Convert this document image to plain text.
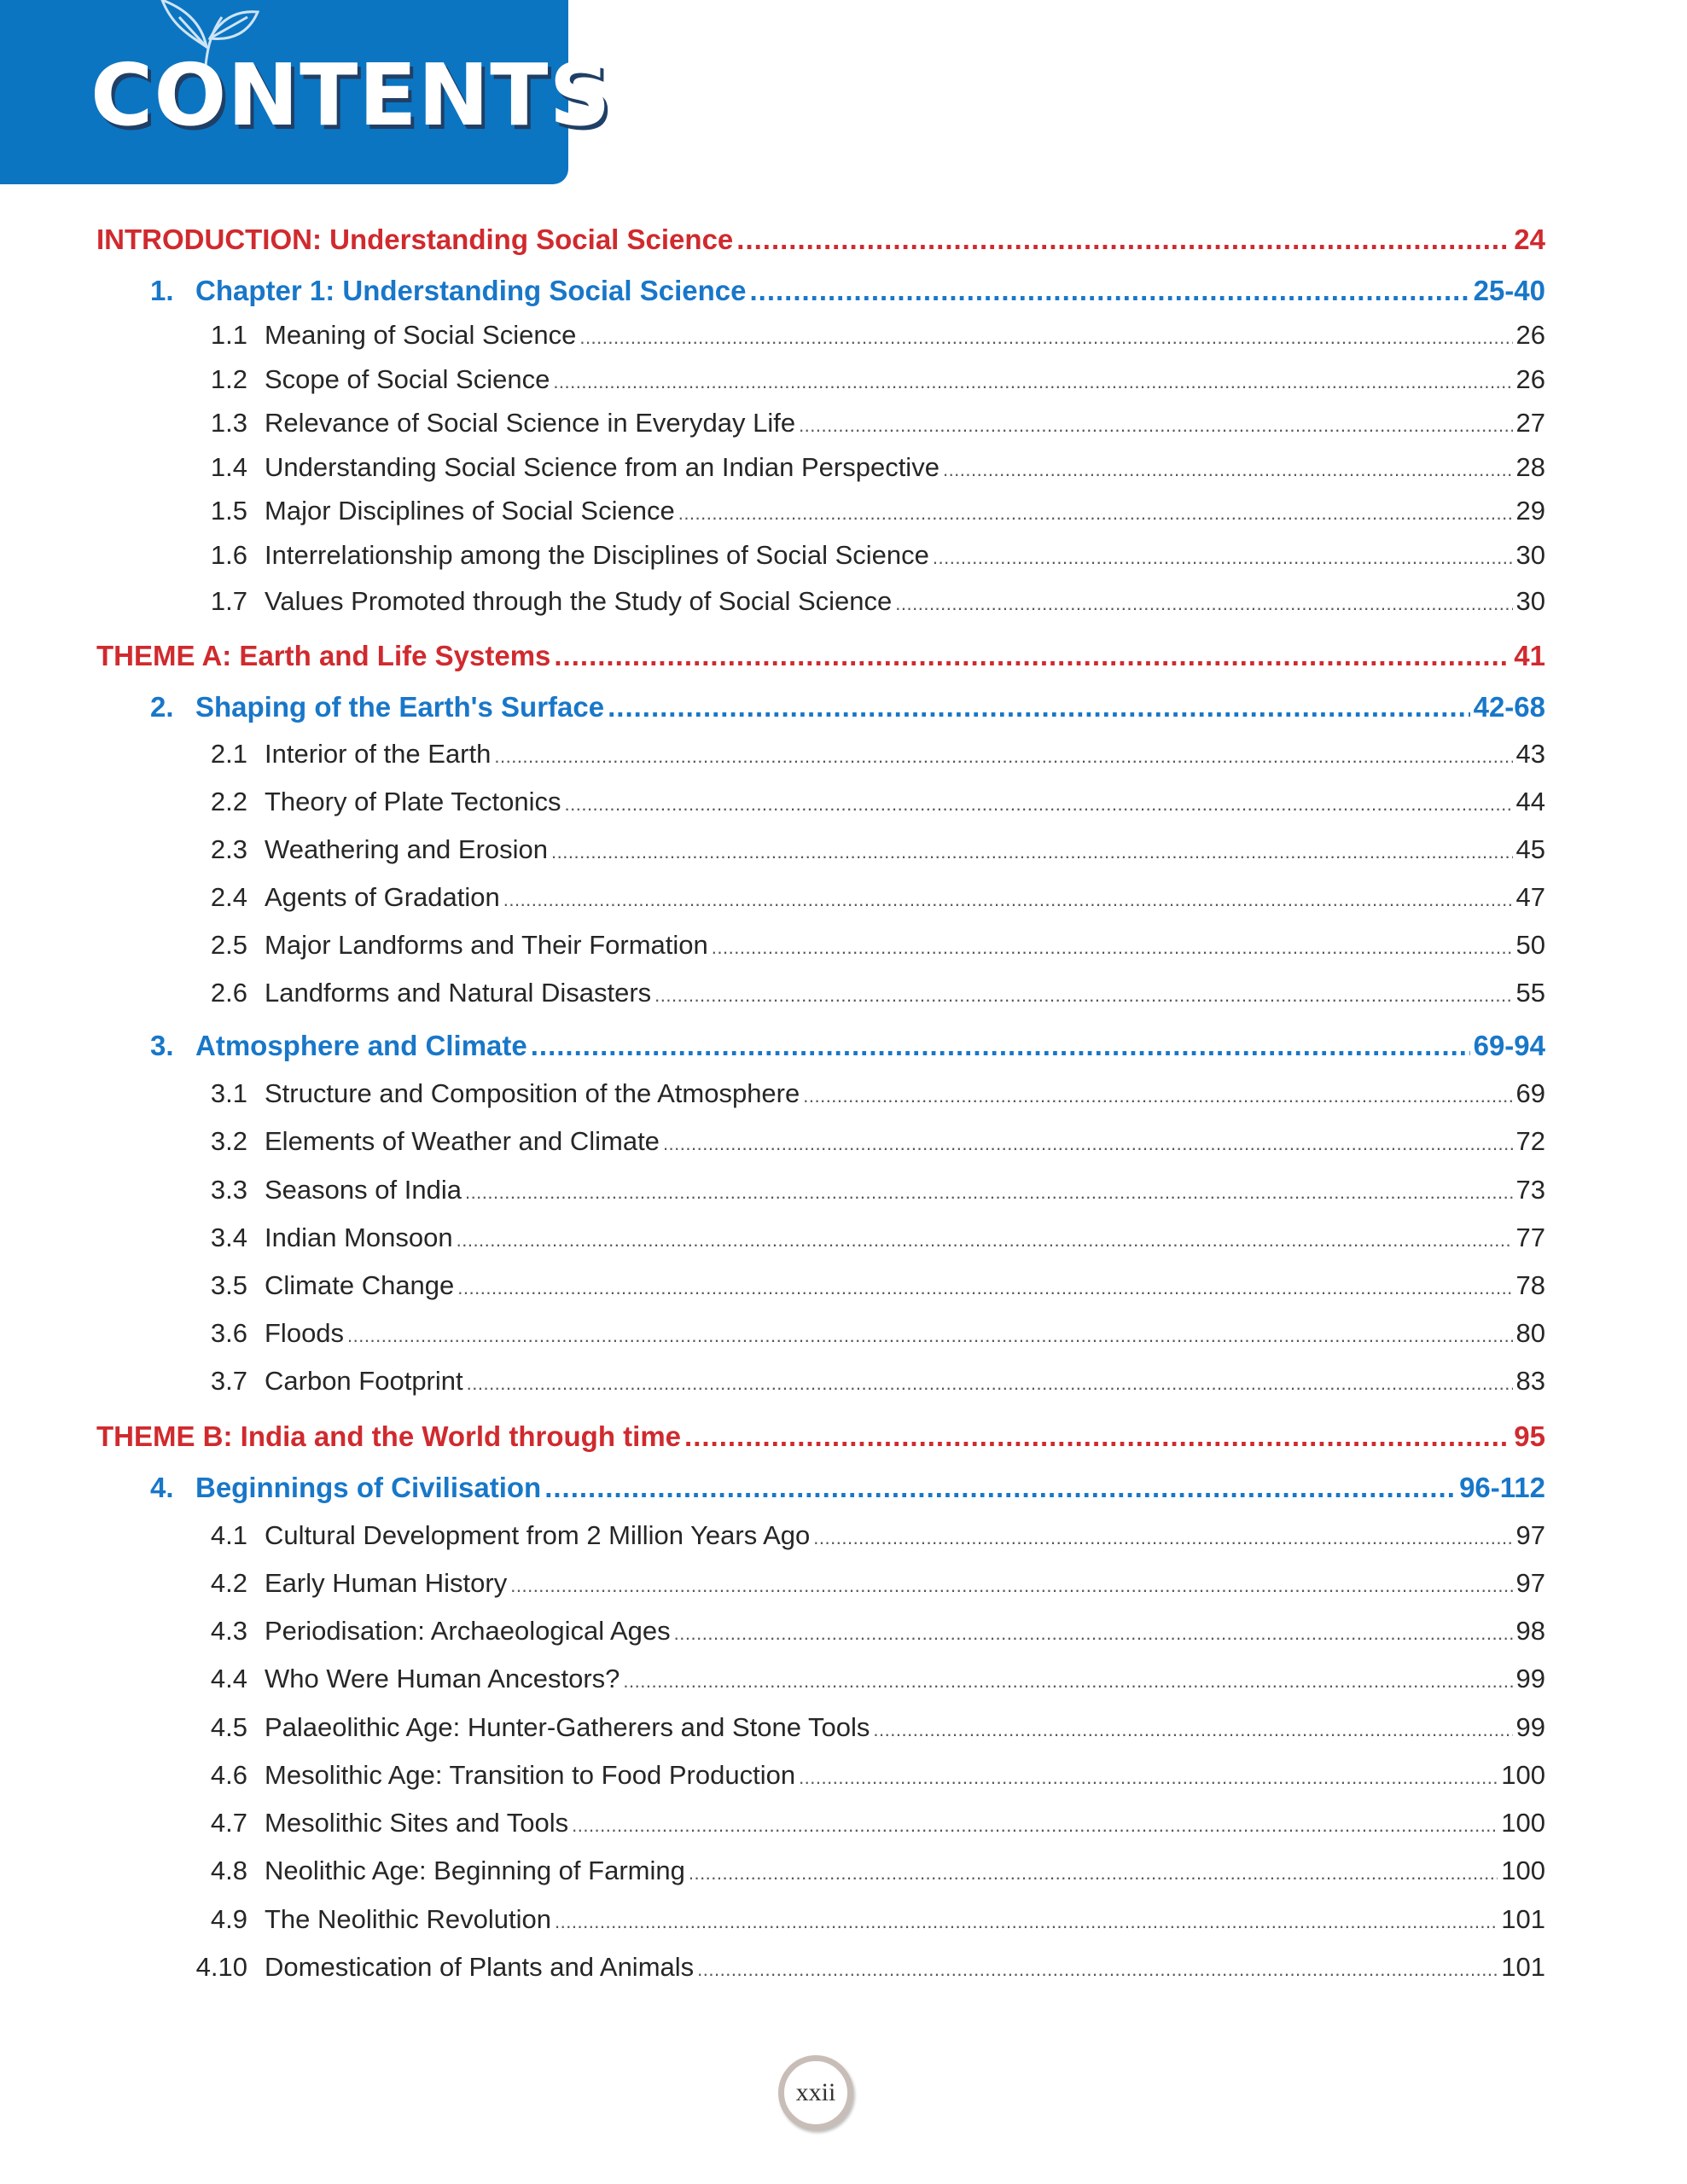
CONTENTS
INTRODUCTION: Understanding Social Science .....	24
1. Chapter 1: Understanding Social Science .....	25-40
1.1 Meaning of Social Science .....	26
1.2 Scope of Social Science .....	26
1.3 Relevance of Social Science in Everyday Life .....	27
1.4 Understanding Social Science from an Indian Perspective .....	28
1.5 Major Disciplines of Social Science .....	29
1.6 Interrelationship among the Disciplines of Social Science .....	30
1.7 Values Promoted through the Study of Social Science .....	30
THEME A: Earth and Life Systems .....	41
2. Shaping of the Earth's Surface .....	42-68
2.1 Interior of the Earth .....	43
2.2 Theory of Plate Tectonics .....	44
2.3 Weathering and Erosion .....	45
2.4 Agents of Gradation .....	47
2.5 Major Landforms and Their Formation .....	50
2.6 Landforms and Natural Disasters .....	55
3. Atmosphere and Climate .....	69-94
3.1 Structure and Composition of the Atmosphere .....	69
3.2 Elements of Weather and Climate .....	72
3.3 Seasons of India .....	73
3.4 Indian Monsoon .....	77
3.5 Climate Change .....	78
3.6 Floods .....	80
3.7 Carbon Footprint .....	83
THEME B: India and the World through time .....	95
4. Beginnings of Civilisation .....	96-112
4.1 Cultural Development from 2 Million Years Ago .....	97
4.2 Early Human History .....	97
4.3 Periodisation: Archaeological Ages .....	98
4.4 Who Were Human Ancestors? .....	99
4.5 Palaeolithic Age: Hunter-Gatherers and Stone Tools .....	99
4.6 Mesolithic Age: Transition to Food Production .....	100
4.7 Mesolithic Sites and Tools .....	100
4.8 Neolithic Age: Beginning of Farming .....	100
4.9 The Neolithic Revolution .....	101
4.10 Domestication of Plants and Animals .....	101
xxii
